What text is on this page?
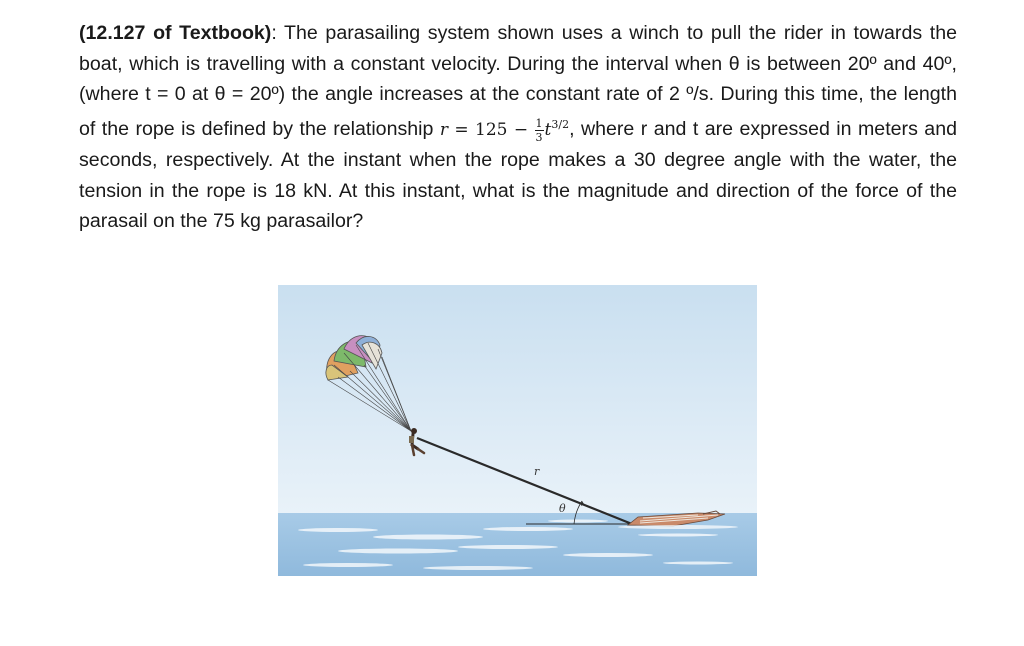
(12.127 of Textbook): The parasailing system shown uses a winch to pull the rider in towards the boat, which is travelling with a constant velocity. During the interval when θ is between 20º and 40º, (where t = 0 at θ = 20º) the angle increases at the constant rate of 2 º/s. During this time, the length of the rope is defined by the relationship $r = 125 - \frac{1}{3} t^{3/2}$, where r and t are expressed in meters and seconds, respectively. At the instant when the rope makes a 30 degree angle with the water, the tension in the rope is 18 kN. At this instant, what is the magnitude and direction of the force of the parasail on the 75 kg parasailor?
r
θ
